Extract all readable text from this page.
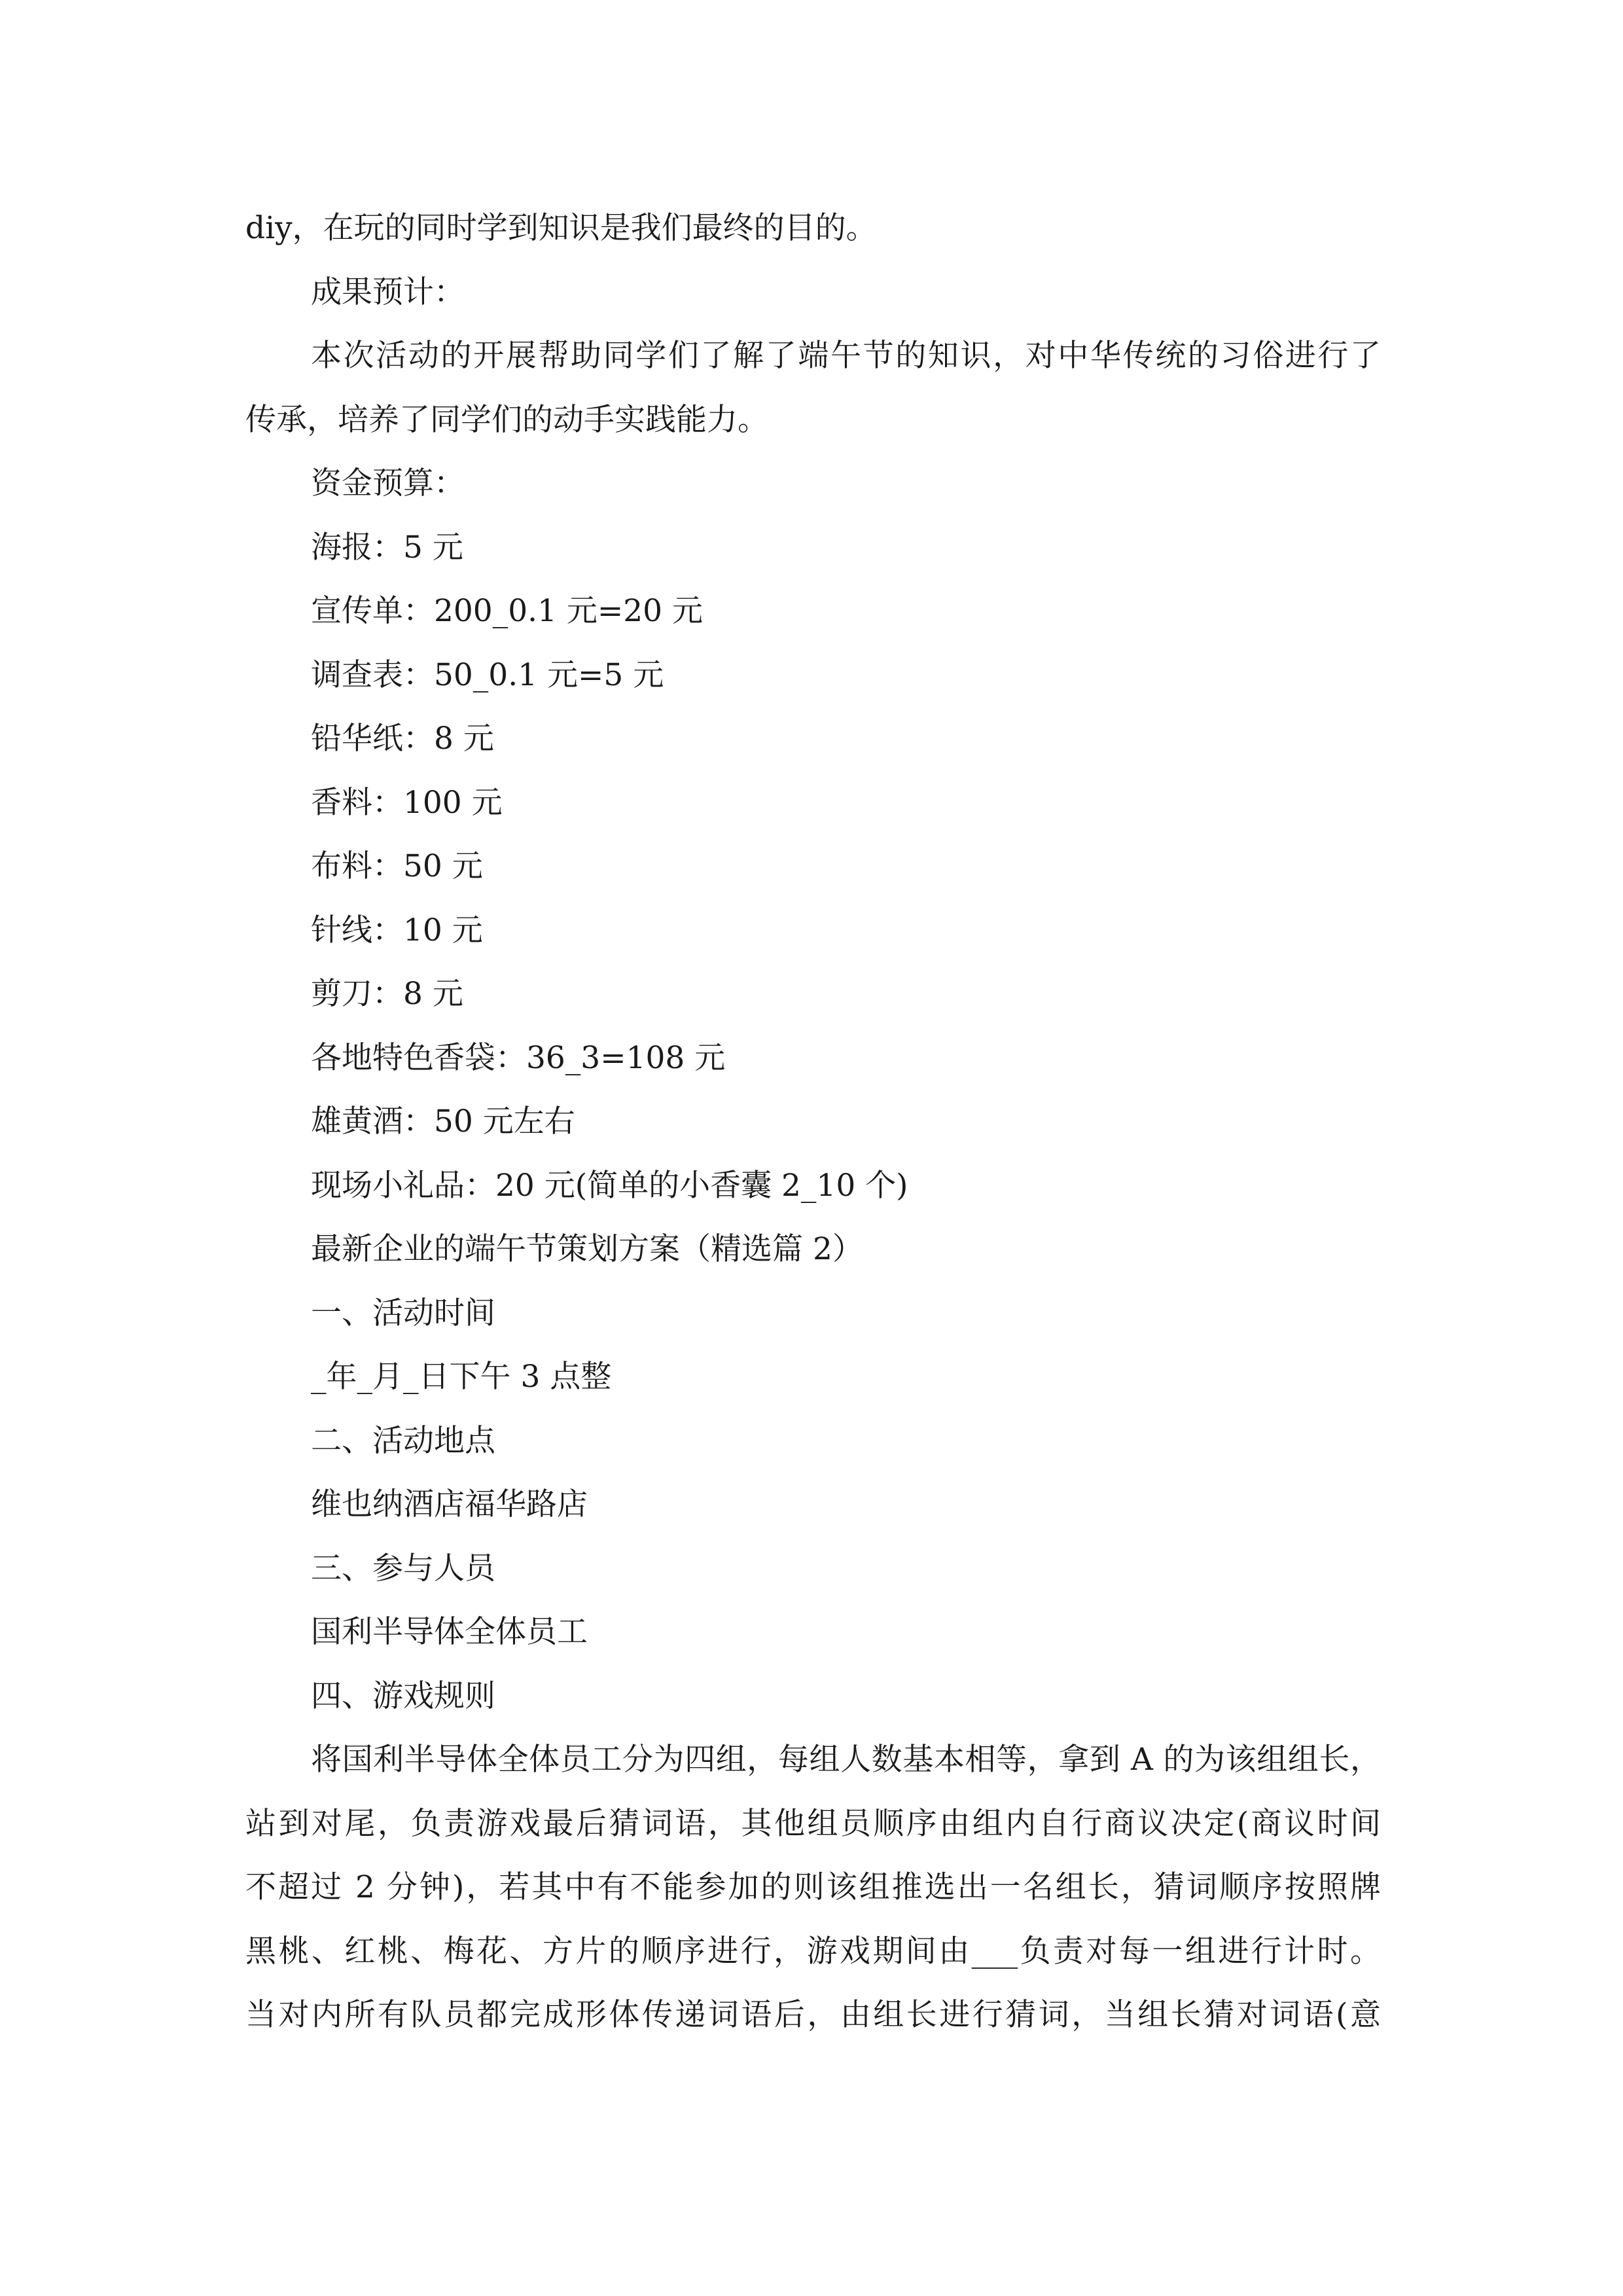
diy，在玩的同时学到知识是我们最终的目的。

成果预计：

本次活动的开展帮助同学们了解了端午节的知识，对中华传统的习俗进行了

传承，培养了同学们的动手实践能力。

资金预算：

海报：5 元

宣传单：200_0.1 元=20 元

调查表：50_0.1 元=5 元

铅华纸：8 元

香料：100 元

布料：50 元

针线：10 元

剪刀：8 元

各地特色香袋：36_3=108 元

雄黄酒：50 元左右

现场小礼品：20 元(简单的小香囊 2_10 个)

最新企业的端午节策划方案（精选篇 2）

一、活动时间

_年_月_日下午 3 点整

二、活动地点

维也纳酒店福华路店

三、参与人员

国利半导体全体员工

四、游戏规则

将国利半导体全体员工分为四组，每组人数基本相等，拿到 A 的为该组组长，

站到对尾，负责游戏最后猜词语，其他组员顺序由组内自行商议决定(商议时间

不超过 2 分钟)，若其中有不能参加的则该组推选出一名组长，猜词顺序按照牌

黑桃、红桃、梅花、方片的顺序进行，游戏期间由___负责对每一组进行计时。

当对内所有队员都完成形体传递词语后，由组长进行猜词，当组长猜对词语(意
